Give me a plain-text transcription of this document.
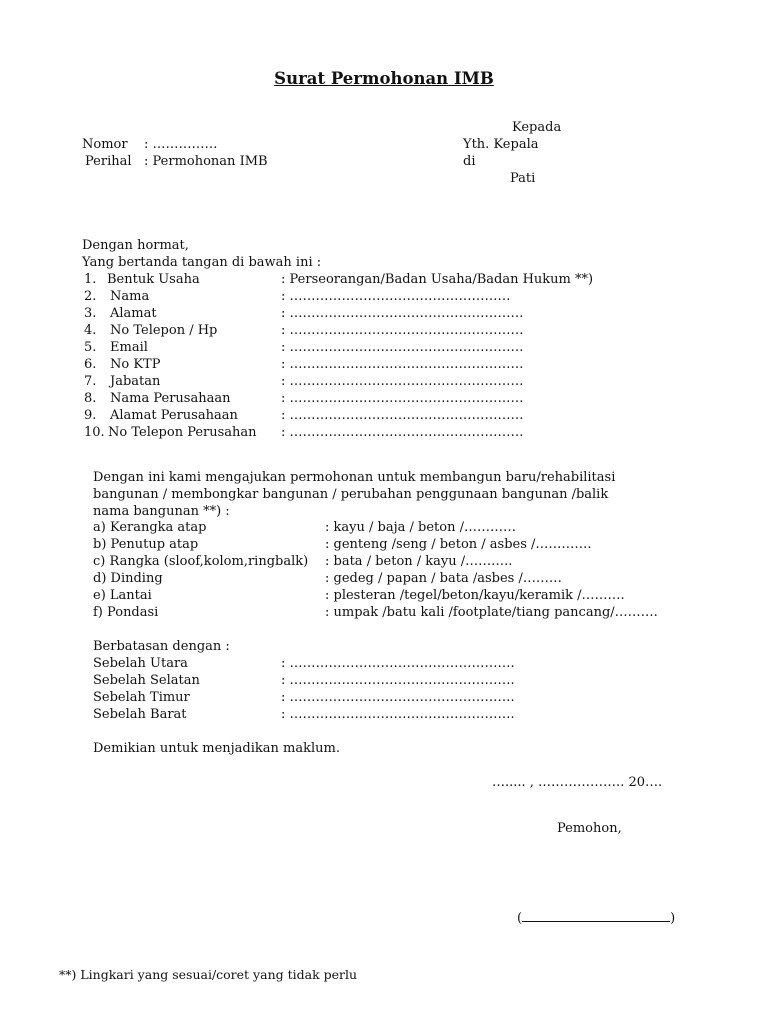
Surat Permohonan IMB
Nomor : ……………
Perihal : Permohonan IMB
Kepada
Yth. Kepala
di
Pati
Dengan hormat,
Yang bertanda tangan di bawah ini :
1. Bentuk Usaha	: Perseorangan/Badan Usaha/Badan Hukum **)
2. Nama	: ……………………………………………
3. Alamat	: ………………………………………………
4. No Telepon / Hp	: ………………………………………………
5. Email	: ………………………………………………
6. No KTP	: ………………………………………………
7. Jabatan	: ………………………………………………
8. Nama Perusahaan	: ………………………………………………
9. Alamat Perusahaan	: ………………………………………………
10. No Telepon Perusahan : ………………………………………………
Dengan ini kami mengajukan permohonan untuk membangun baru/rehabilitasi
bangunan / membongkar bangunan / perubahan penggunaan bangunan /balik
nama bangunan **) :
a) Kerangka atap	: kayu / baja / beton /…………
b) Penutup atap	: genteng /seng / beton / asbes /………….
c) Rangka (sloof,kolom,ringbalk) : bata / beton / kayu /………..
d) Dinding	: gedeg / papan / bata /asbes /………
e) Lantai	: plesteran /tegel/beton/kayu/keramik /……….
f) Pondasi	: umpak /batu kali /footplate/tiang pancang/……….
Berbatasan dengan :
Sebelah Utara	: …………………………………………….
Sebelah Selatan	: …………………………………………….
Sebelah Timur	: …………………………………………….
Sebelah Barat	: …………………………………………….
Demikian untuk menjadikan maklum.
…..... , ……………….. 20….
Pemohon,
(	)
**) Lingkari yang sesuai/coret yang tidak perlu
